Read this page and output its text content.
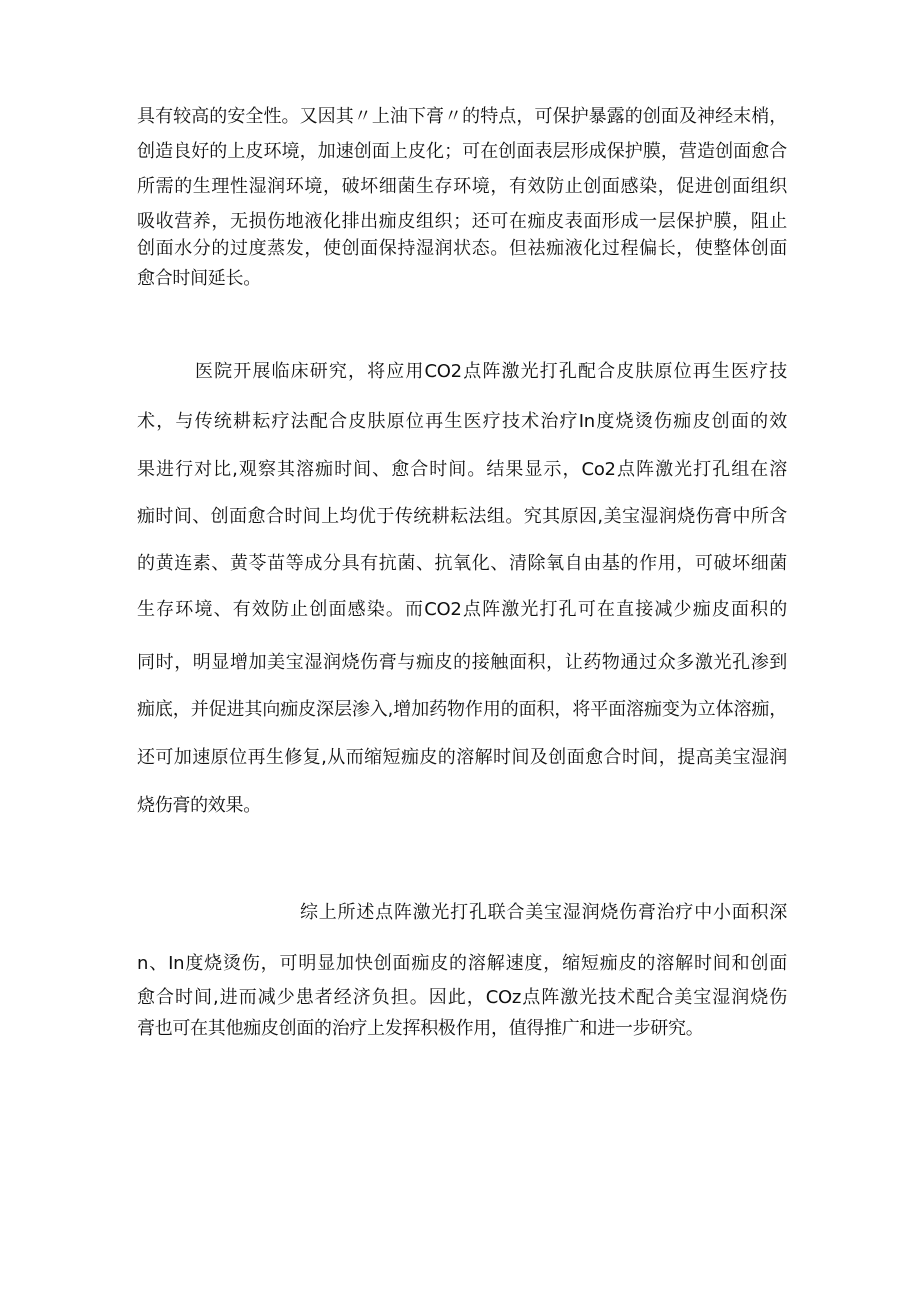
具有较高的安全性。又因其〃上油下膏〃的特点，可保护暴露的创面及神经末梢，
创造良好的上皮环境，加速创面上皮化；可在创面表层形成保护膜，营造创面愈合
所需的生理性湿润环境，破坏细菌生存环境，有效防止创面感染，促进创面组织
吸收营养，无损伤地液化排出痂皮组织；还可在痂皮表面形成一层保护膜，阻止
创面水分的过度蒸发，使创面保持湿润状态。但祛痂液化过程偏长，使整体创面
愈合时间延长。
医院开展临床研究，将应用CO2点阵激光打孔配合皮肤原位再生医疗技
术，与传统耕耘疗法配合皮肤原位再生医疗技术治疗In度烧烫伤痂皮创面的效
果进行对比,观察其溶痂时间、愈合时间。结果显示，Co2点阵激光打孔组在溶
痂时间、创面愈合时间上均优于传统耕耘法组。究其原因,美宝湿润烧伤膏中所含
的黄连素、黄苓苗等成分具有抗菌、抗氧化、清除氧自由基的作用，可破坏细菌
生存环境、有效防止创面感染。而CO2点阵激光打孔可在直接减少痂皮面积的
同时，明显增加美宝湿润烧伤膏与痂皮的接触面积，让药物通过众多激光孔渗到
痂底，并促进其向痂皮深层渗入,增加药物作用的面积，将平面溶痂变为立体溶痂，
还可加速原位再生修复,从而缩短痂皮的溶解时间及创面愈合时间，提高美宝湿润
烧伤膏的效果。
综上所述点阵激光打孔联合美宝湿润烧伤膏治疗中小面积深
n、In度烧烫伤，可明显加快创面痂皮的溶解速度，缩短痂皮的溶解时间和创面
愈合时间,进而减少患者经济负担。因此，COz点阵激光技术配合美宝湿润烧伤
膏也可在其他痂皮创面的治疗上发挥积极作用，值得推广和进一步研究。
